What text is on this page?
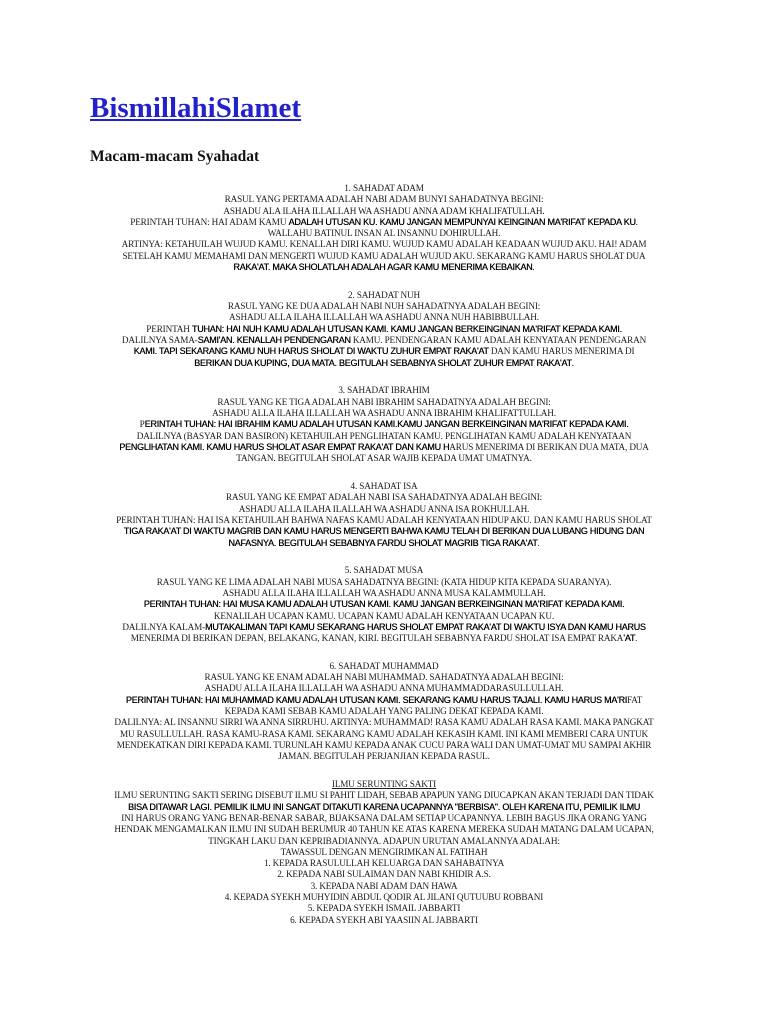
BismillahiSlamet
Macam-macam Syahadat

1. SAHADAT ADAM

RASUL YANG PERTAMA ADALAH NABI ADAM BUNYI SAHADATNYA BEGINI:

ASHADU ALA ILAHA ILLALLAH WA ASHADU ANNA ADAM KHALIFATULLAH.

PERINTAH TUHAN: HAI ADAM KAMU ADALAH UTUSAN KU. KAMU JANGAN MEMPUNYAI KEINGINAN MA'RIFAT KEPADA KU.

WALLAHU BATINUL INSAN AL INSANNU DOHIRULLAH.

ARTINYA: KETAHUILAH WUJUD KAMU. KENALLAH DIRI KAMU. WUJUD KAMU ADALAH KEADAAN WUJUD AKU. HAI! ADAM

SETELAH KAMU MEMAHAMI DAN MENGERTI WUJUD KAMU ADALAH WUJUD AKU. SEKARANG KAMU HARUS SHOLAT DUA

RAKA'AT. MAKA SHOLATLAH ADALAH AGAR KAMU MENERIMA KEBAIKAN.

2. SAHADAT NUH

RASUL YANG KE DUA ADALAH NABI NUH SAHADATNYA ADALAH BEGINI:

ASHADU ALLA ILAHA ILLALLAH WA ASHADU ANNA NUH HABIBBULLAH.

PERINTAH TUHAN: HAI NUH KAMU ADALAH UTUSAN KAMI. KAMU JANGAN BERKEINGINAN MA'RIFAT KEPADA KAMI.

DALILNYA SAMA-SAMI'AN. KENALLAH PENDENGARAN KAMU. PENDENGARAN KAMU ADALAH KENYATAAN PENDENGARAN

KAMI. TAPI SEKARANG KAMU NUH HARUS SHOLAT DI WAKTU ZUHUR EMPAT RAKA'AT DAN KAMU HARUS MENERIMA DI

BERIKAN DUA KUPING, DUA MATA. BEGITULAH SEBABNYA SHOLAT ZUHUR EMPAT RAKA'AT.

3. SAHADAT IBRAHIM

RASUL YANG KE TIGA ADALAH NABI IBRAHIM SAHADATNYA ADALAH BEGINI:

ASHADU ALLA ILAHA ILLALLAH WA ASHADU ANNA IBRAHIM KHALIFATTULLAH.

PERINTAH TUHAN: HAI IBRAHIM KAMU ADALAH UTUSAN KAMI.KAMU JANGAN BERKEINGINAN MA'RIFAT KEPADA KAMI.

DALILNYA (BASYAR DAN BASIRON) KETAHUILAH PENGLIHATAN KAMU. PENGLIHATAN KAMU ADALAH KENYATAAN

PENGLIHATAN KAMI. KAMU HARUS SHOLAT ASAR EMPAT RAKA'AT DAN KAMU HARUS MENERIMA DI BERIKAN DUA MATA, DUA

TANGAN. BEGITULAH SHOLAT ASAR WAJIB KEPADA UMAT UMATNYA.

4. SAHADAT ISA

RASUL YANG KE EMPAT ADALAH NABI ISA SAHADATNYA ADALAH BEGINI:

ASHADU ALLA ILAHA ILALLAH WA ASHADU ANNA ISA ROKHULLAH.

PERINTAH TUHAN: HAI ISA KETAHUILAH BAHWA NAFAS KAMU ADALAH KENYATAAN HIDUP AKU. DAN KAMU HARUS SHOLAT

TIGA RAKA'AT DI WAKTU MAGRIB DAN KAMU HARUS MENGERTI BAHWA KAMU TELAH DI BERIKAN DUA LUBANG HIDUNG DAN

NAFASNYA. BEGITULAH SEBABNYA FARDU SHOLAT MAGRIB TIGA RAKA'AT.

5. SAHADAT MUSA

RASUL YANG KE LIMA ADALAH NABI MUSA SAHADATNYA BEGINI: (KATA HIDUP KITA KEPADA SUARANYA).

ASHADU ALLA ILAHA ILLALLAH WA ASHADU ANNA MUSA KALAMMULLAH.

PERINTAH TUHAN: HAI MUSA KAMU ADALAH UTUSAN KAMI. KAMU JANGAN BERKEINGINAN MA'RIFAT KEPADA KAMI.

KENALILAH UCAPAN KAMU. UCAPAN KAMU ADALAH KENYATAAN UCAPAN KU.

DALILNYA KALAM-MUTAKALIMAN TAPI KAMU SEKARANG HARUS SHOLAT EMPAT RAKA'AT DI WAKTU ISYA DAN KAMU HARUS

MENERIMA DI BERIKAN DEPAN, BELAKANG, KANAN, KIRI. BEGITULAH SEBABNYA FARDU SHOLAT ISA EMPAT RAKA'AT.

6. SAHADAT MUHAMMAD

RASUL YANG KE ENAM ADALAH NABI MUHAMMAD. SAHADATNYA ADALAH BEGINI:

ASHADU ALLA ILAHA ILLALLAH WA ASHADU ANNA MUHAMMADDARASULLULLAH.

PERINTAH TUHAN: HAI MUHAMMAD KAMU ADALAH UTUSAN KAMI. SEKARANG KAMU HARUS TAJALI. KAMU HARUS MA'RIFAT

KEPADA KAMI SEBAB KAMU ADALAH YANG PALING DEKAT KEPADA KAMI.

DALILNYA: AL INSANNU SIRRI WA ANNA SIRRUHU. ARTINYA: MUHAMMAD! RASA KAMU ADALAH RASA KAMI. MAKA PANGKAT

MU RASULLULLAH. RASA KAMU-RASA KAMI. SEKARANG KAMU ADALAH KEKASIH KAMI. INI KAMI MEMBERI CARA UNTUK

MENDEKATKAN DIRI KEPADA KAMI. TURUNLAH KAMU KEPADA ANAK CUCU PARA WALI DAN UMAT-UMAT MU SAMPAI AKHIR

JAMAN. BEGITULAH PERJANJIAN KEPADA RASUL.

ILMU SERUNTING SAKTI

ILMU SERUNTING SAKTI SERING DISEBUT ILMU SI PAHIT LIDAH, SEBAB APAPUN YANG DIUCAPKAN AKAN TERJADI DAN TIDAK

BISA DITAWAR LAGI. PEMILIK ILMU INI SANGAT DITAKUTI KARENA UCAPANNYA "BERBISA". OLEH KARENA ITU, PEMILIK ILMU

INI HARUS ORANG YANG BENAR-BENAR SABAR, BIJAKSANA DALAM SETIAP UCAPANNYA. LEBIH BAGUS JIKA ORANG YANG

HENDAK MENGAMALKAN ILMU INI SUDAH BERUMUR 40 TAHUN KE ATAS KARENA MEREKA SUDAH MATANG DALAM UCAPAN,

TINGKAH LAKU DAN KEPRIBADIANNYA. ADAPUN URUTAN AMALANNYA ADALAH:

TAWASSUL DENGAN MENGIRIMKAN AL FATIHAH

1. KEPADA RASULULLAH KELUARGA DAN SAHABATNYA

2. KEPADA NABI SULAIMAN DAN NABI KHIDIR A.S.

3. KEPADA NABI ADAM DAN HAWA

4. KEPADA SYEKH MUHYIDIN ABDUL QODIR AL JILANI QUTUUBU ROBBANI

5. KEPADA SYEKH ISMAIL JABBARTI

6. KEPADA SYEKH ABI YAASIIN AL JABBARTI
